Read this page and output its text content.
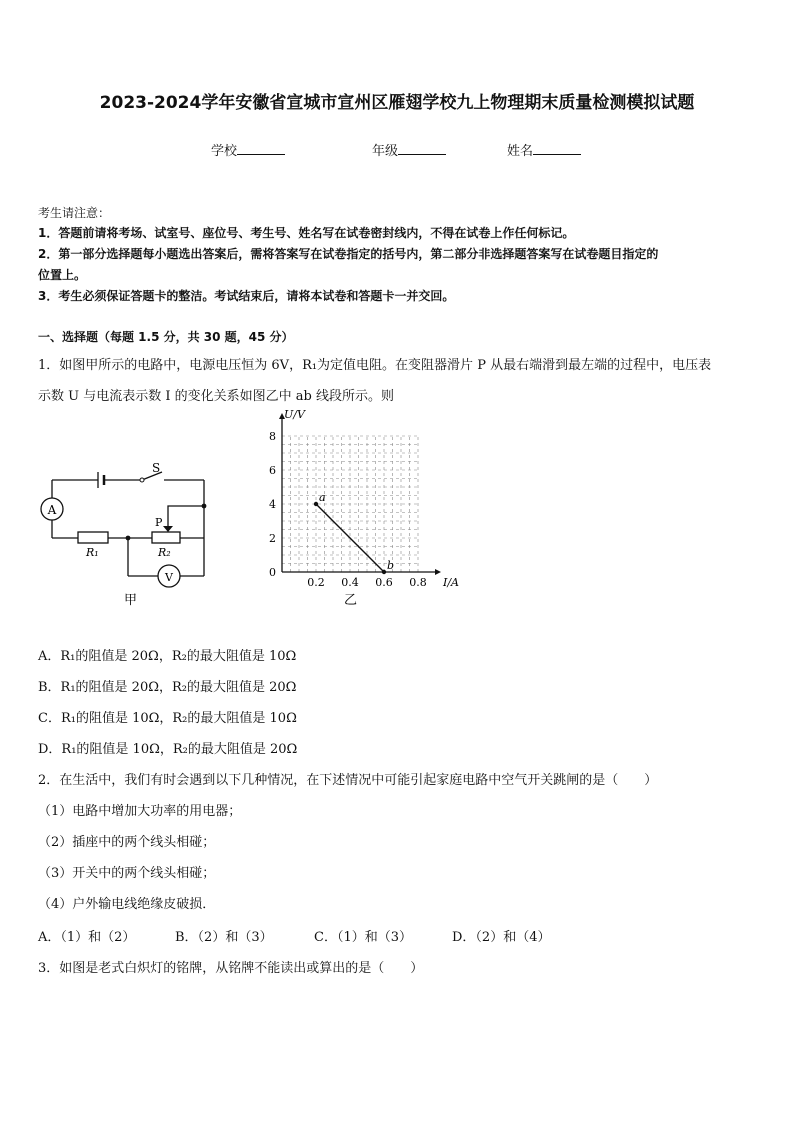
2023-2024学年安徽省宣城市宣州区雁翅学校九上物理期末质量检测模拟试题
学校	年级	姓名
考生请注意：
1．答题前请将考场、试室号、座位号、考生号、姓名写在试卷密封线内，不得在试卷上作任何标记。
2．第一部分选择题每小题选出答案后，需将答案写在试卷指定的括号内，第二部分非选择题答案写在试卷题目指定的
位置上。
3．考生必须保证答题卡的整洁。考试结束后，请将本试卷和答题卡一并交回。
一、选择题（每题 1.5 分，共 30 题，45 分）
1．如图甲所示的电路中，电源电压恒为 6V，R₁为定值电阻。在变阻器滑片 P 从最右端滑到最左端的过程中，电压表
示数 U 与电流表示数 I 的变化关系如图乙中 ab 线段所示。则
A
V
S
P
R₁	R₂
甲
0.2 0.4 0.6 0.8
0
2
4
6
8
a
b
U/V
I/A
乙
A．R₁的阻值是 20Ω，R₂的最大阻值是 10Ω
B．R₁的阻值是 20Ω，R₂的最大阻值是 20Ω
C．R₁的阻值是 10Ω，R₂的最大阻值是 10Ω
D．R₁的阻值是 10Ω，R₂的最大阻值是 20Ω
2．在生活中，我们有时会遇到以下几种情况，在下述情况中可能引起家庭电路中空气开关跳闸的是（　　）
（1）电路中增加大功率的用电器；
（2）插座中的两个线头相碰；
（3）开关中的两个线头相碰；
（4）户外输电线绝缘皮破损．
A．（1）和（2）	B．（2）和（3）	C．（1）和（3）	D．（2）和（4）
3．如图是老式白炽灯的铭牌，从铭牌不能读出或算出的是（　　）
